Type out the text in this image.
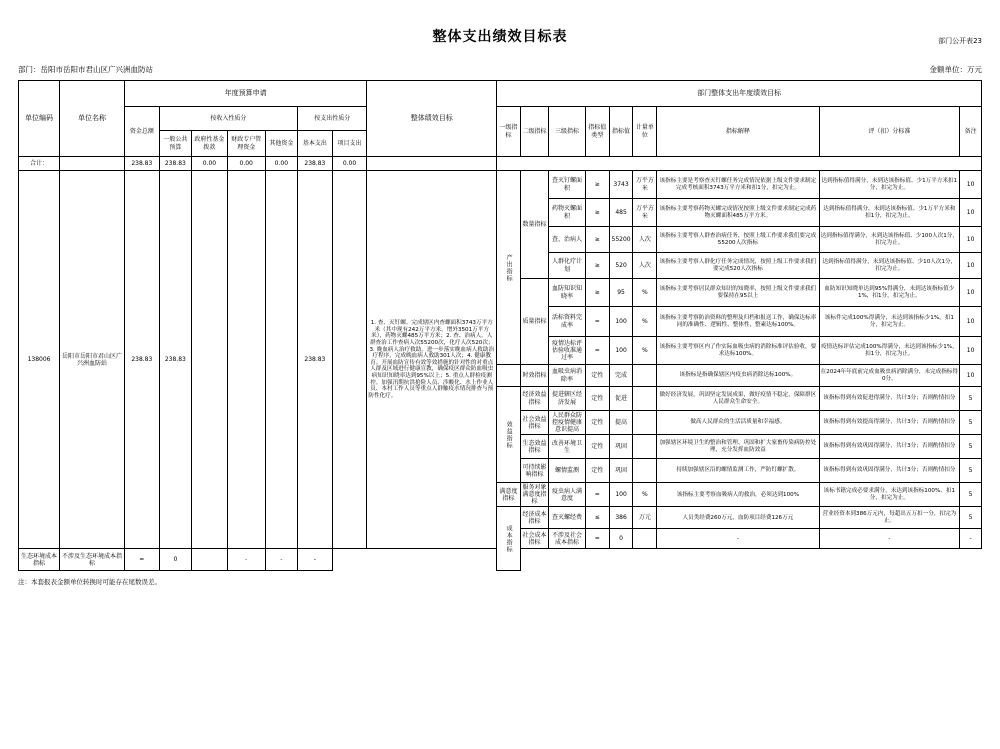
部门公开表23
整体支出绩效目标表
部门：岳阳市岳阳市君山区广兴洲血防站	金额单位：万元
单位编码	单位名称	年度预算申请							整体绩效目标	部门整体支出年度绩效目标								
		资金总额	按收入性质分				按支出性质分			一级指标	二级指标	三级指标	指标值类型	指标值	计量单位	指标解释	评（扣）分标准	备注
			一般公共预算	政府性基金拨款	财政专户管理资金	其他资金	基本支出	项目支出										
合计：		238.83	238.83	0.00	0.00	0.00	238.83	0.00										
138006	岳阳市岳阳市君山区广兴洲血防站	238.83	238.83				238.83		1. 查、灭钉螺。完成辖区内查螺面积3743万平方米（其中现有242万平方米，增外3501万平方米），药物灭螺485万平方米；2. 查、治病人。人群查治工作查病人次55200次，化疗人次520次；3. 晚血病人治疗救助。进一步落实晚血病人救助治疗程序，完成晚血病人救助301人次；4. 健康教育。开展血防宣传有效等效措施的针对性的对重点人群及区域进行健康宣教，确保疫区群众防血吸虫病知识知晓率达到95%以上；5. 重点人群检疫测控。加强汛期抗洪抢险人员、涉酸化、水上作业人员、本村工作人员等重点人群触疫水情况排查与预防性化疗。	产出指标	数量指标	查灭钉螺面积	≥	3743	万平方米	该指标主要是考察查灭钉螺任务完成情况依据上级文件要求制定完成考核面积3743万平方米和扣1分，扣完为止。	达到指标值得满分，未到达该指标值、少1万平方米扣1分，扣完为止。	10
												药物灭螺面积	≥	485	万平方米	该指标主要考察药物灭螺完成情况按照上级文件要求制定完成药物灭螺面积485万平方米。	达到指标值得满分，未到达该指标值、少1万平方米和扣1分，扣完为止。	10
												查、治病人	≥	55200	人次	该指标主要考察人群查治病任务，按照上级工作要求我们要完成55200人次指标	达到指标值得满分，未到达该指标值、少100人次1分，扣完为止。	10
												人群化疗计划	≥	520	人次	该指标主要考察人群化疗任务完成情况，按照上级工作要求我们要完成520人次指标	达到指标值得满分，未到达该指标值、少10人次1分，扣完为止。	10

											质量指标	血防知识知晓率	≥	95	%	该指标主要考察居民群众知识的知晓率，按照上级文件要求我们要保持在95以上	血防知识知晓单达到95%得满分，未到达该指标值少1%，扣1分，扣完为止。	10
												活标资料完成率	=	100	%	该指标主要考察防治资料的整理及归档和报送工作，确保达标率同的准确性、逻辑性、整体性，整素达标100%。	该标件完成100%得满分，未达到该指标少1%，扣1分，扣完为止。	10
												疫情达标评估验收准通过率	=	100	%	该指标主要考察区内了作实际血吸虫病的消除标准评估验收，要求达标100%。	疫情达标评估完成100%得满分，未达到该指标少1%，扣1分，扣完为止。	10
											时效指标	血吸虫病消除率	定性	完成		该指标是指确保辖区内疫虫病消除达标100%。	在2024年年底前完成血吸虫病消除满分，未完成指标得0分。	10

										效益指标	经济效益指标	提进辖区经济发展	定性	促进		做好经济发展，巩固坚定发展成果，做好疫情不稳定，保障群区人民群众生命安全。	该指标得到有效促进得满分，共计3分；否则酌情扣分	5
											社会效益指标	人民群众防控疫情健康意识提高	定性	提高		做高人民群众的生活活质量和幸福感。	该指标得到有效提高得满分，共计3分；否则酌情扣分	5
											生态效益指标	改善环境卫生	定性	巩固		加强辖区环境卫生的整治和管理、巩固和扩大家畜传染病防控处理，充分发挥血防效益	该指标得到有效巩固得满分，共计3分；否则酌情扣分	5
											可持续影响指标	螺情监测	定性	巩固		持续加强辖区沿的螺情监测工作，严防钉螺扩散。	该指标得到有效巩固得满分，共计3分；否则酌情扣分	5

										满意度指标	服务对象满意度指标	疫虫病人满意度	=	100	%	该指标主要考察血吸病人的救治，必须达到100%	该标书籍完成必要求满分，未达到该指标100%、扣1分，扣完为止。	5

										成本指标	经济成本指标	查灭螺经费	≤	386	万元	人员类经费260万元，血防项目经费126万元	营业经资本到386万元内，每超出五万扣一分，扣完为止。	5
											社会成本指标	不涉及社会成本指标	=	0		-	-	-
生态环境成本指标	不涉及生态环境成本指标	=	0		-	-	-											
注：本套报表金额单位转换时可能存在尾数误差。
